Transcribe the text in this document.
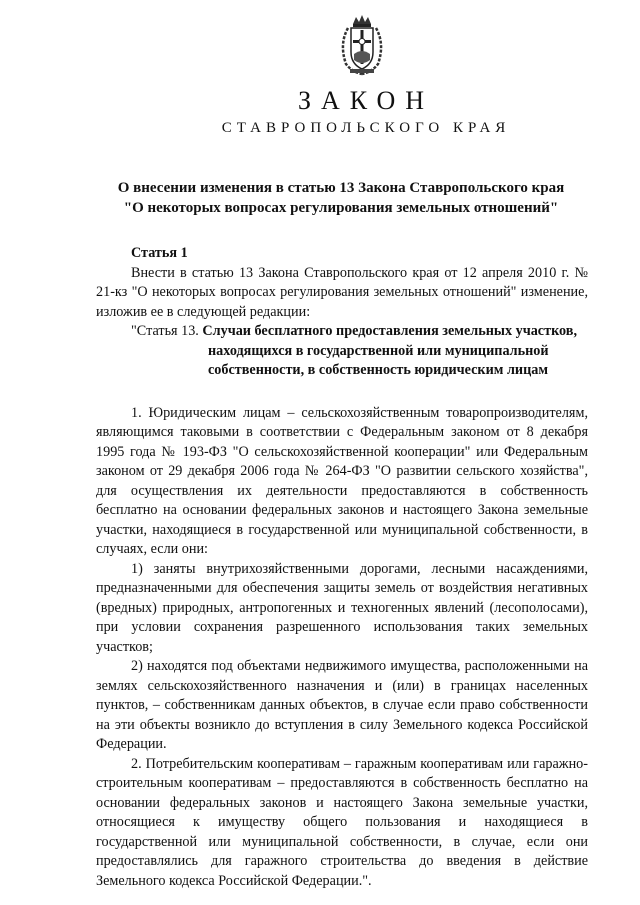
ЗАКОН
СТАВРОПОЛЬСКОГО КРАЯ
О внесении изменения в статью 13 Закона Ставропольского края
"О некоторых вопросах регулирования земельных отношений"

Статья 1

Внести в статью 13 Закона Ставропольского края от 12 апреля 2010 г. № 21-кз "О некоторых вопросах регулирования земельных отношений" изменение, изложив ее в следующей редакции:

"Статья 13. Случаи бесплатного предоставления земельных участков,

находящихся в государственной или муниципальной

собственности, в собственность юридическим лицам

1. Юридическим лицам – сельскохозяйственным товаропроизводителям, являющимся таковыми в соответствии с Федеральным законом от 8 декабря 1995 года № 193-ФЗ "О сельскохозяйственной кооперации" или Федеральным законом от 29 декабря 2006 года № 264-ФЗ "О развитии сельского хозяйства", для осуществления их деятельности предоставляются в собственность бесплатно на основании федеральных законов и настоящего Закона земельные участки, находящиеся в государственной или муниципальной собственности, в случаях, если они:

1) заняты внутрихозяйственными дорогами, лесными насаждениями, предназначенными для обеспечения защиты земель от воздействия негативных (вредных) природных, антропогенных и техногенных явлений (лесополосами), при условии сохранения разрешенного использования таких земельных участков;

2) находятся под объектами недвижимого имущества, расположенными на землях сельскохозяйственного назначения и (или) в границах населенных пунктов, – собственникам данных объектов, в случае если право собственности на эти объекты возникло до вступления в силу Земельного кодекса Российской Федерации.

2. Потребительским кооперативам – гаражным кооперативам или гаражно-строительным кооперативам – предоставляются в собственность бесплатно на основании федеральных законов и настоящего Закона земельные участки, относящиеся к имуществу общего пользования и находящиеся в государственной или муниципальной собственности, в случае, если они предоставлялись для гаражного строительства до введения в действие Земельного кодекса Российской Федерации.".
